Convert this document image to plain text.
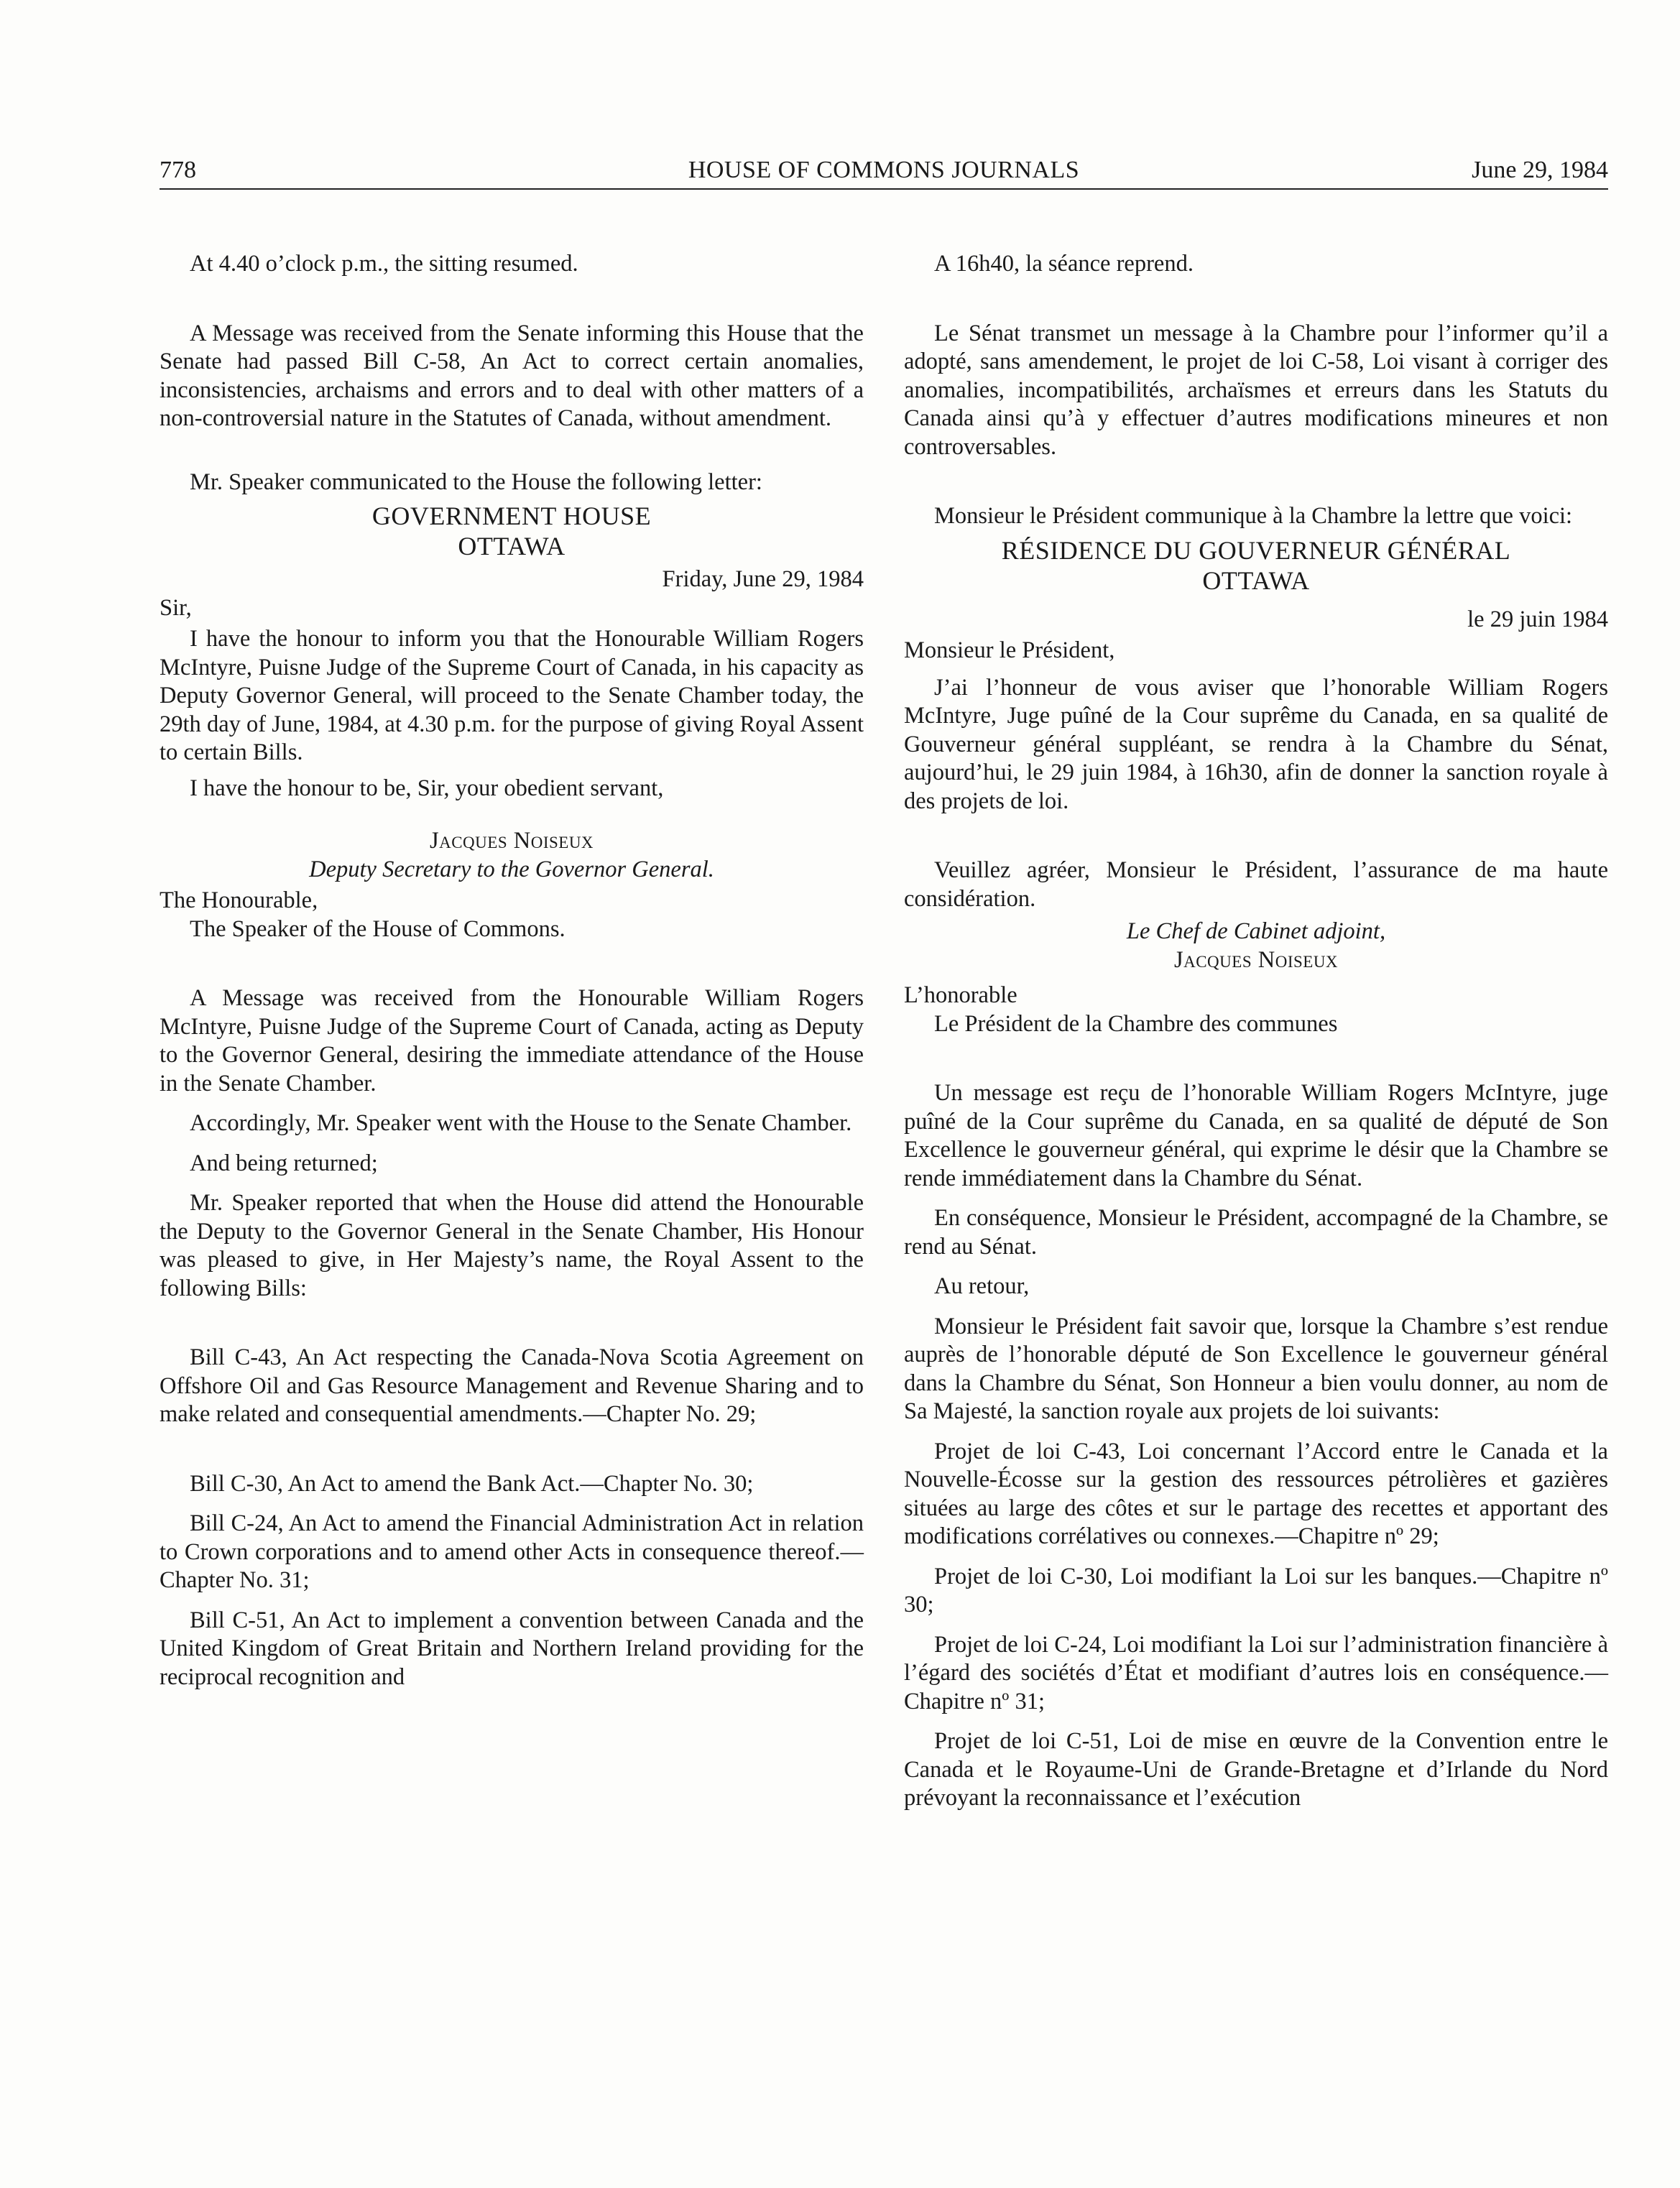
778	HOUSE OF COMMONS JOURNALS	June 29, 1984

At 4.40 o’clock p.m., the sitting resumed.

A Message was received from the Senate informing this House that the Senate had passed Bill C-58, An Act to correct certain anomalies, inconsistencies, archaisms and errors and to deal with other matters of a non-controversial nature in the Statutes of Canada, without amendment.

Mr. Speaker communicated to the House the following letter:

GOVERNMENT HOUSE
OTTAWA
Friday, June 29, 1984

Sir,

I have the honour to inform you that the Honourable William Rogers McIntyre, Puisne Judge of the Supreme Court of Canada, in his capacity as Deputy Governor General, will proceed to the Senate Chamber today, the 29th day of June, 1984, at 4.30 p.m. for the purpose of giving Royal Assent to certain Bills.

I have the honour to be, Sir, your obedient servant,

Jacques Noiseux
Deputy Secretary to the Governor General.

The Honourable,

The Speaker of the House of Commons.

A Message was received from the Honourable William Rogers McIntyre, Puisne Judge of the Supreme Court of Canada, acting as Deputy to the Governor General, desiring the immediate attendance of the House in the Senate Chamber.

Accordingly, Mr. Speaker went with the House to the Senate Chamber.

And being returned;

Mr. Speaker reported that when the House did attend the Honourable the Deputy to the Governor General in the Senate Chamber, His Honour was pleased to give, in Her Majesty’s name, the Royal Assent to the following Bills:

Bill C-43, An Act respecting the Canada-Nova Scotia Agreement on Offshore Oil and Gas Resource Management and Revenue Sharing and to make related and consequential amendments.—Chapter No. 29;

Bill C-30, An Act to amend the Bank Act.—Chapter No. 30;

Bill C-24, An Act to amend the Financial Administration Act in relation to Crown corporations and to amend other Acts in consequence thereof.—Chapter No. 31;

Bill C-51, An Act to implement a convention between Canada and the United Kingdom of Great Britain and Northern Ireland providing for the reciprocal recognition and

A 16h40, la séance reprend.

Le Sénat transmet un message à la Chambre pour l’informer qu’il a adopté, sans amendement, le projet de loi C-58, Loi visant à corriger des anomalies, incompatibilités, archaïsmes et erreurs dans les Statuts du Canada ainsi qu’à y effectuer d’autres modifications mineures et non controversables.

Monsieur le Président communique à la Chambre la lettre que voici:

RÉSIDENCE DU GOUVERNEUR GÉNÉRAL
OTTAWA
le 29 juin 1984

Monsieur le Président,

J’ai l’honneur de vous aviser que l’honorable William Rogers McIntyre, Juge puîné de la Cour suprême du Canada, en sa qualité de Gouverneur général suppléant, se rendra à la Chambre du Sénat, aujourd’hui, le 29 juin 1984, à 16h30, afin de donner la sanction royale à des projets de loi.

Veuillez agréer, Monsieur le Président, l’assurance de ma haute considération.

Le Chef de Cabinet adjoint,
Jacques Noiseux

L’honorable

Le Président de la Chambre des communes

Un message est reçu de l’honorable William Rogers McIntyre, juge puîné de la Cour suprême du Canada, en sa qualité de député de Son Excellence le gouverneur général, qui exprime le désir que la Chambre se rende immédiatement dans la Chambre du Sénat.

En conséquence, Monsieur le Président, accompagné de la Chambre, se rend au Sénat.

Au retour,

Monsieur le Président fait savoir que, lorsque la Chambre s’est rendue auprès de l’honorable député de Son Excellence le gouverneur général dans la Chambre du Sénat, Son Honneur a bien voulu donner, au nom de Sa Majesté, la sanction royale aux projets de loi suivants:

Projet de loi C-43, Loi concernant l’Accord entre le Canada et la Nouvelle-Écosse sur la gestion des ressources pétrolières et gazières situées au large des côtes et sur le partage des recettes et apportant des modifications corrélatives ou connexes.—Chapitre nº 29;

Projet de loi C-30, Loi modifiant la Loi sur les banques.—Chapitre nº 30;

Projet de loi C-24, Loi modifiant la Loi sur l’administration financière à l’égard des sociétés d’État et modifiant d’autres lois en conséquence.—Chapitre nº 31;

Projet de loi C-51, Loi de mise en œuvre de la Convention entre le Canada et le Royaume-Uni de Grande-Bretagne et d’Irlande du Nord prévoyant la reconnaissance et l’exécution
